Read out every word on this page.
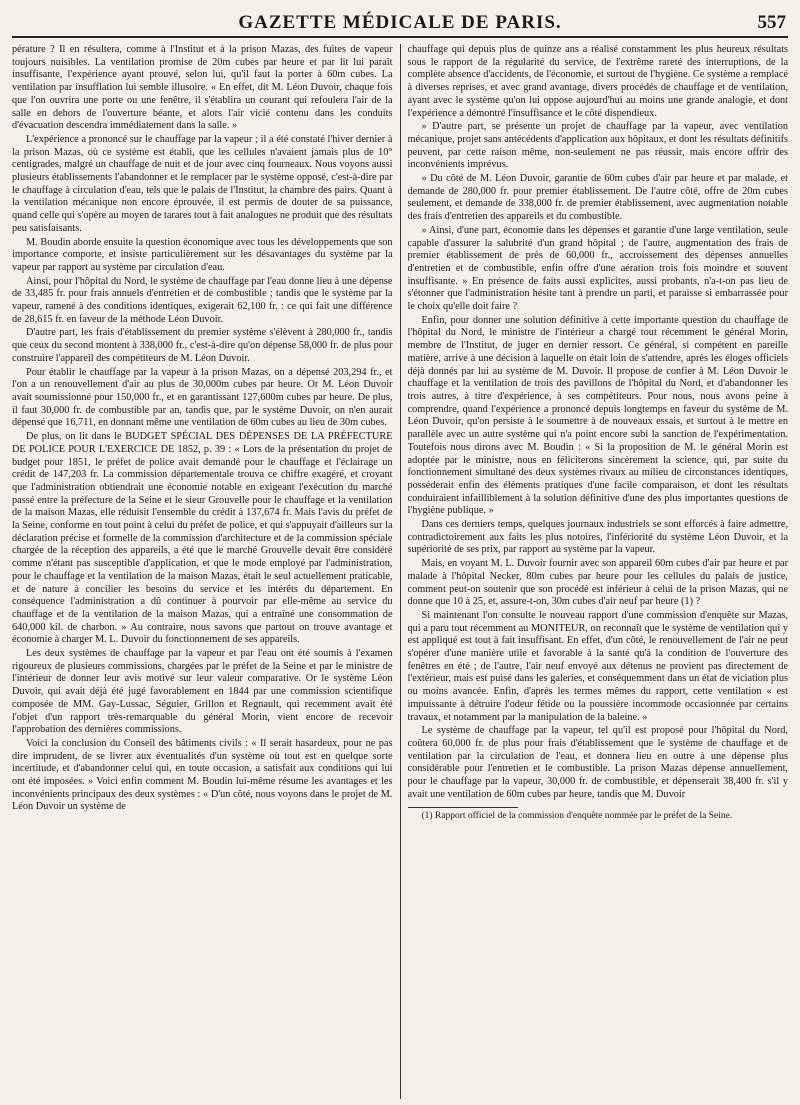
GAZETTE MÉDICALE DE PARIS.	557

pérature ? Il en résultera, comme à l'Institut et à la prison Mazas, des fuites de vapeur toujours nuisibles. La ventilation promise de 20m cubes par heure et par lit lui paraît insuffisante, l'expérience ayant prouvé, selon lui, qu'il faut la porter à 60m cubes. La ventilation par insufflation lui semble illusoire. « En effet, dit M. Léon Duvoir, chaque fois que l'on ouvrira une porte ou une fenêtre, il s'établira un courant qui refoulera l'air de la salle en dehors de l'ouverture béante, et alors l'air vicié contenu dans les conduits d'évacuation descendra immédiatement dans la salle. »

L'expérience a prononcé sur le chauffage par la vapeur ; il a été constaté l'hiver dernier à la prison Mazas, où ce système est établi, que les cellules n'avaient jamais plus de 10° centigrades, malgré un chauffage de nuit et de jour avec cinq fourneaux. Nous voyons aussi plusieurs établissements l'abandonner et le remplacer par le système opposé, c'est-à-dire par le chauffage à circulation d'eau, tels que le palais de l'Institut, la chambre des pairs. Quant à la ventilation mécanique non encore éprouvée, il est permis de douter de sa puissance, quand celle qui s'opère au moyen de tarares tout à fait analogues ne produit que des résultats peu satisfaisants.

M. Boudin aborde ensuite la question économique avec tous les développements que son importance comporte, et insiste particulièrement sur les désavantages du système par la vapeur par rapport au système par circulation d'eau.

Ainsi, pour l'hôpital du Nord, le système de chauffage par l'eau donne lieu à une dépense de 33,485 fr. pour frais annuels d'entretien et de combustible ; tandis que le système par la vapeur, ramené à des conditions identiques, exigerait 62,100 fr. : ce qui fait une différence de 28,615 fr. en faveur de la méthode Léon Duvoir.

D'autre part, les frais d'établissement du premier système s'élèvent à 280,000 fr., tandis que ceux du second montent à 338,000 fr., c'est-à-dire qu'on dépense 58,000 fr. de plus pour construire l'appareil des compétiteurs de M. Léon Duvoir.

Pour établir le chauffage par la vapeur à la prison Mazas, on a dépensé 203,294 fr., et l'on a un renouvellement d'air au plus de 30,000m cubes par heure. Or M. Léon Duvoir avait soumissionné pour 150,000 fr., et en garantissant 127,600m cubes par heure. De plus, il faut 30,000 fr. de combustible par an, tandis que, par le système Duvoir, on n'en aurait dépensé que 16,711, en donnant même une ventilation de 60m cubes au lieu de 30m cubes.

De plus, on lit dans le BUDGET SPÉCIAL DES DÉPENSES DE LA PRÉFECTURE DE POLICE POUR L'EXERCICE DE 1852, p. 39 : « Lors de la présentation du projet de budget pour 1851, le préfet de police avait demandé pour le chauffage et l'éclairage un crédit de 147,203 fr. La commission départementale trouva ce chiffre exagéré, et croyant que l'administration obtiendrait une économie notable en exigeant l'exécution du marché passé entre la préfecture de la Seine et le sieur Grouvelle pour le chauffage et la ventilation de la maison Mazas, elle réduisit l'ensemble du crédit à 137,674 fr. Mais l'avis du préfet de la Seine, conforme en tout point à celui du préfet de police, et qui s'appuyait d'ailleurs sur la déclaration précise et formelle de la commission d'architecture et de la commission spéciale chargée de la réception des appareils, a été que le marché Grouvelle devait être considéré comme n'étant pas susceptible d'application, et que le mode employé par l'administration, pour le chauffage et la ventilation de la maison Mazas, était le seul actuellement praticable, et de nature à concilier les besoins du service et les intérêts du département. En conséquence l'administration a dû continuer à pourvoir par elle-même au service du chauffage et de la ventilation de la maison Mazas, qui a entraîné une consommation de 640,000 kil. de charbon. » Au contraire, nous savons que partout on trouve avantage et économie à charger M. L. Duvoir du fonctionnement de ses appareils.

Les deux systèmes de chauffage par la vapeur et par l'eau ont été soumis à l'examen rigoureux de plusieurs commissions, chargées par le préfet de la Seine et par le ministre de l'intérieur de donner leur avis motivé sur leur valeur comparative. Or le système Léon Duvoir, qui avait déjà été jugé favorablement en 1844 par une commission scientifique composée de MM. Gay-Lussac, Séguier, Grillon et Regnault, qui recemment avait été l'objet d'un rapport très-remarquable du général Morin, vient encore de recevoir l'approbation des dernières commissions.

Voici la conclusion du Conseil des bâtiments civils : « Il serait hasardeux, pour ne pas dire imprudent, de se livrer aux éventualités d'un système où tout est en quelque sorte incertitude, et d'abandonner celui qui, en toute occasion, a satisfait aux conditions qui lui ont été imposées. » Voici enfin comment M. Boudin lui-même résume les avantages et les inconvénients principaux des deux systèmes : « D'un côté, nous voyons dans le projet de M. Léon Duvoir un système de

chauffage qui depuis plus de quinze ans a réalisé constamment les plus heureux résultats sous le rapport de la régularité du service, de l'extrême rareté des interruptions, de la complète absence d'accidents, de l'économie, et surtout de l'hygiène. Ce système a remplacé à diverses reprises, et avec grand avantage, divers procédés de chauffage et de ventilation, ayant avec le système qu'on lui oppose aujourd'hui au moins une grande analogie, et dont l'expérience a démontré l'insuffisance et le côté dispendieux.

» D'autre part, se présente un projet de chauffage par la vapeur, avec ventilation mécanique, projet sans antécédents d'application aux hôpitaux, et dont les résultats définitifs peuvent, par cette raison même, non-seulement ne pas réussir, mais encore offrir des inconvénients imprévus.

» Du côté de M. Léon Duvoir, garantie de 60m cubes d'air par heure et par malade, et demande de 280,000 fr. pour premier établissement. De l'autre côté, offre de 20m cubes seulement, et demande de 338,000 fr. de premier établissement, avec augmentation notable des frais d'entretien des appareils et du combustible.

» Ainsi, d'une part, économie dans les dépenses et garantie d'une large ventilation, seule capable d'assurer la salubrité d'un grand hôpital ; de l'autre, augmentation des frais de premier établissement de près de 60,000 fr., accroissement des dépenses annuelles d'entretien et de combustible, enfin offre d'une aération trois fois moindre et souvent insuffisante. » En présence de faits aussi explicites, aussi probants, n'a-t-on pas lieu de s'étonner que l'administration hésite tant à prendre un parti, et paraisse si embarrassée pour le choix qu'elle doit faire ?

Enfin, pour donner une solution définitive à cette importante question du chauffage de l'hôpital du Nord, le ministre de l'intérieur a chargé tout récemment le général Morin, membre de l'Institut, de juger en dernier ressort. Ce général, si compétent en pareille matière, arrive à une décision à laquelle on était loin de s'attendre, après les éloges officiels déjà donnés par lui au système de M. Duvoir. Il propose de confier à M. Léon Duvoir le chauffage et la ventilation de trois des pavillons de l'hôpital du Nord, et d'abandonner les trois autres, à titre d'expérience, à ses compétiteurs. Pour nous, nous avons peine à comprendre, quand l'expérience a prononcé depuis longtemps en faveur du système de M. Léon Duvoir, qu'on persiste à le soumettre à de nouveaux essais, et surtout à le mettre en parallèle avec un autre système qui n'a point encore subi la sanction de l'expérimentation. Toutefois nous dirons avec M. Boudin : « Si la proposition de M. le général Morin est adoptée par le ministre, nous en féliciterons sincèrement la science, qui, par suite du fonctionnement simultané des deux systèmes rivaux au milieu de circonstances identiques, posséderait enfin des éléments pratiques d'une facile comparaison, et dont les résultats conduiraient infailliblement à la solution définitive d'une des plus importantes questions de l'hygiène publique. »

Dans ces derniers temps, quelques journaux industriels se sont efforcés à faire admettre, contradictoirement aux faits les plus notoires, l'infériorité du système Léon Duvoir, et la supériorité de ses prix, par rapport au système par la vapeur.

Mais, en voyant M. L. Duvoir fournir avec son appareil 60m cubes d'air par heure et par malade à l'hôpital Necker, 80m cubes par heure pour les cellules du palais de justice, comment peut-on soutenir que son procédé est inférieur à celui de la prison Mazas, qui ne donne que 10 à 25, et, assure-t-on, 30m cubes d'air neuf par heure (1) ?

Si maintenant l'on consulte le nouveau rapport d'une commission d'enquête sur Mazas, qui a paru tout récemment au MONITEUR, on reconnaît que le système de ventilation qui y est appliqué est tout à fait insuffisant. En effet, d'un côté, le renouvellement de l'air ne peut s'opérer d'une manière utile et favorable à la santé qu'à la condition de l'ouverture des fenêtres en été ; de l'autre, l'air neuf envoyé aux détenus ne provient pas directement de l'extérieur, mais est puisé dans les galeries, et conséquemment dans un état de viciation plus ou moins avancée. Enfin, d'après les termes mêmes du rapport, cette ventilation « est impuissante à détruire l'odeur fétide ou la poussière incommode occasionnée par certains travaux, et notamment par la manipulation de la baleine. »

Le système de chauffage par la vapeur, tel qu'il est proposé pour l'hôpital du Nord, coûtera 60,000 fr. de plus pour frais d'établissement que le système de chauffage et de ventilation par la circulation de l'eau, et donnera lieu en outre à une dépense plus considérable pour l'entretien et le combustible. La prison Mazas dépense annuellement, pour le chauffage par la vapeur, 30,000 fr. de combustible, et dépenserait 38,400 fr. s'il y avait une ventilation de 60m cubes par heure, tandis que M. Duvoir

(1) Rapport officiel de la commission d'enquête nommée par le préfet de la Seine.
